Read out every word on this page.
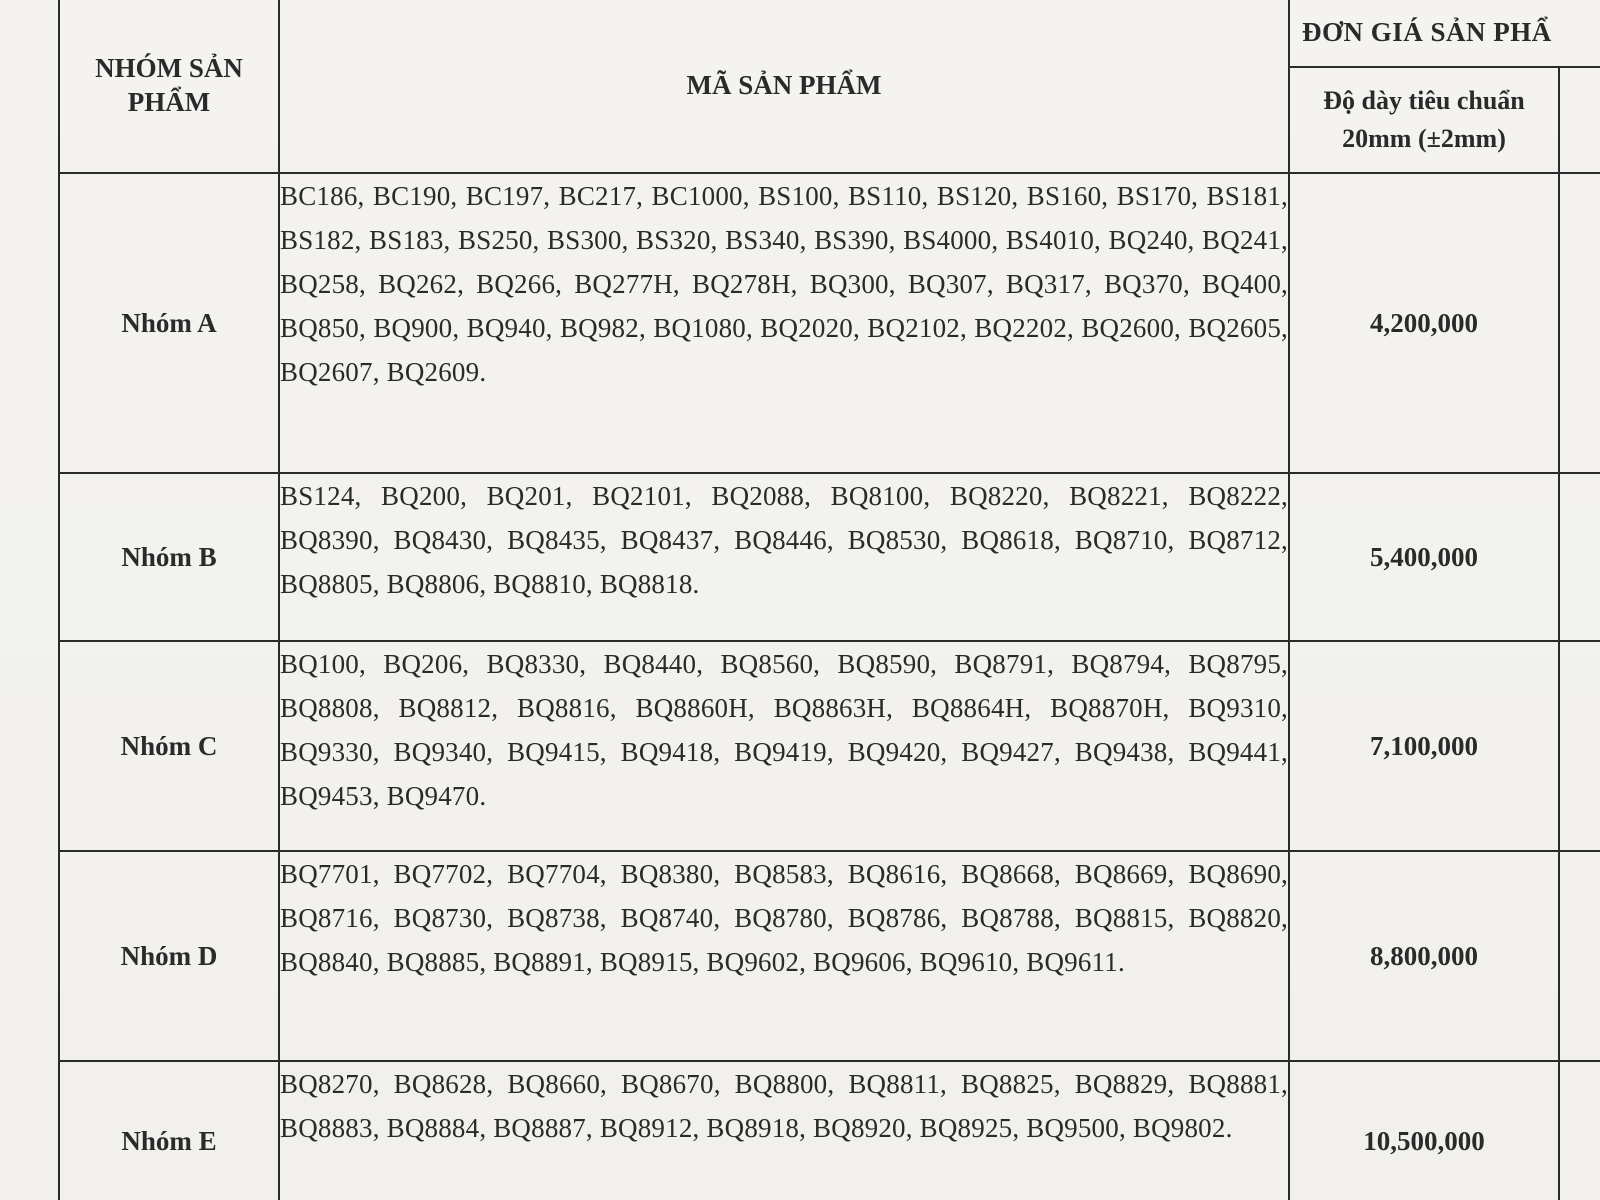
NHÓM SẢN PHẨM	MÃ SẢN PHẨM	ĐƠN GIÁ SẢN PHẨ	
		Độ dày tiêu chuẩn 20mm (±2mm)	
Nhóm A	BC186, BC190, BC197, BC217, BC1000, BS100, BS110, BS120, BS160, BS170, BS181, BS182, BS183, BS250, BS300, BS320, BS340, BS390, BS4000, BS4010, BQ240, BQ241, BQ258, BQ262, BQ266, BQ277H, BQ278H, BQ300, BQ307, BQ317, BQ370, BQ400, BQ850, BQ900, BQ940, BQ982, BQ1080, BQ2020, BQ2102, BQ2202, BQ2600, BQ2605, BQ2607, BQ2609.	4,200,000	
Nhóm B	BS124, BQ200, BQ201, BQ2101, BQ2088, BQ8100, BQ8220, BQ8221, BQ8222, BQ8390, BQ8430, BQ8435, BQ8437, BQ8446, BQ8530, BQ8618, BQ8710, BQ8712, BQ8805, BQ8806, BQ8810, BQ8818.	5,400,000	
Nhóm C	BQ100, BQ206, BQ8330, BQ8440, BQ8560, BQ8590, BQ8791, BQ8794, BQ8795, BQ8808, BQ8812, BQ8816, BQ8860H, BQ8863H, BQ8864H, BQ8870H, BQ9310, BQ9330, BQ9340, BQ9415, BQ9418, BQ9419, BQ9420, BQ9427, BQ9438, BQ9441, BQ9453, BQ9470.	7,100,000	
Nhóm D	BQ7701, BQ7702, BQ7704, BQ8380, BQ8583, BQ8616, BQ8668, BQ8669, BQ8690, BQ8716, BQ8730, BQ8738, BQ8740, BQ8780, BQ8786, BQ8788, BQ8815, BQ8820, BQ8840, BQ8885, BQ8891, BQ8915, BQ9602, BQ9606, BQ9610, BQ9611.	8,800,000	
Nhóm E	BQ8270, BQ8628, BQ8660, BQ8670, BQ8800, BQ8811, BQ8825, BQ8829, BQ8881, BQ8883, BQ8884, BQ8887, BQ8912, BQ8918, BQ8920, BQ8925, BQ9500, BQ9802.	10,500,000	
